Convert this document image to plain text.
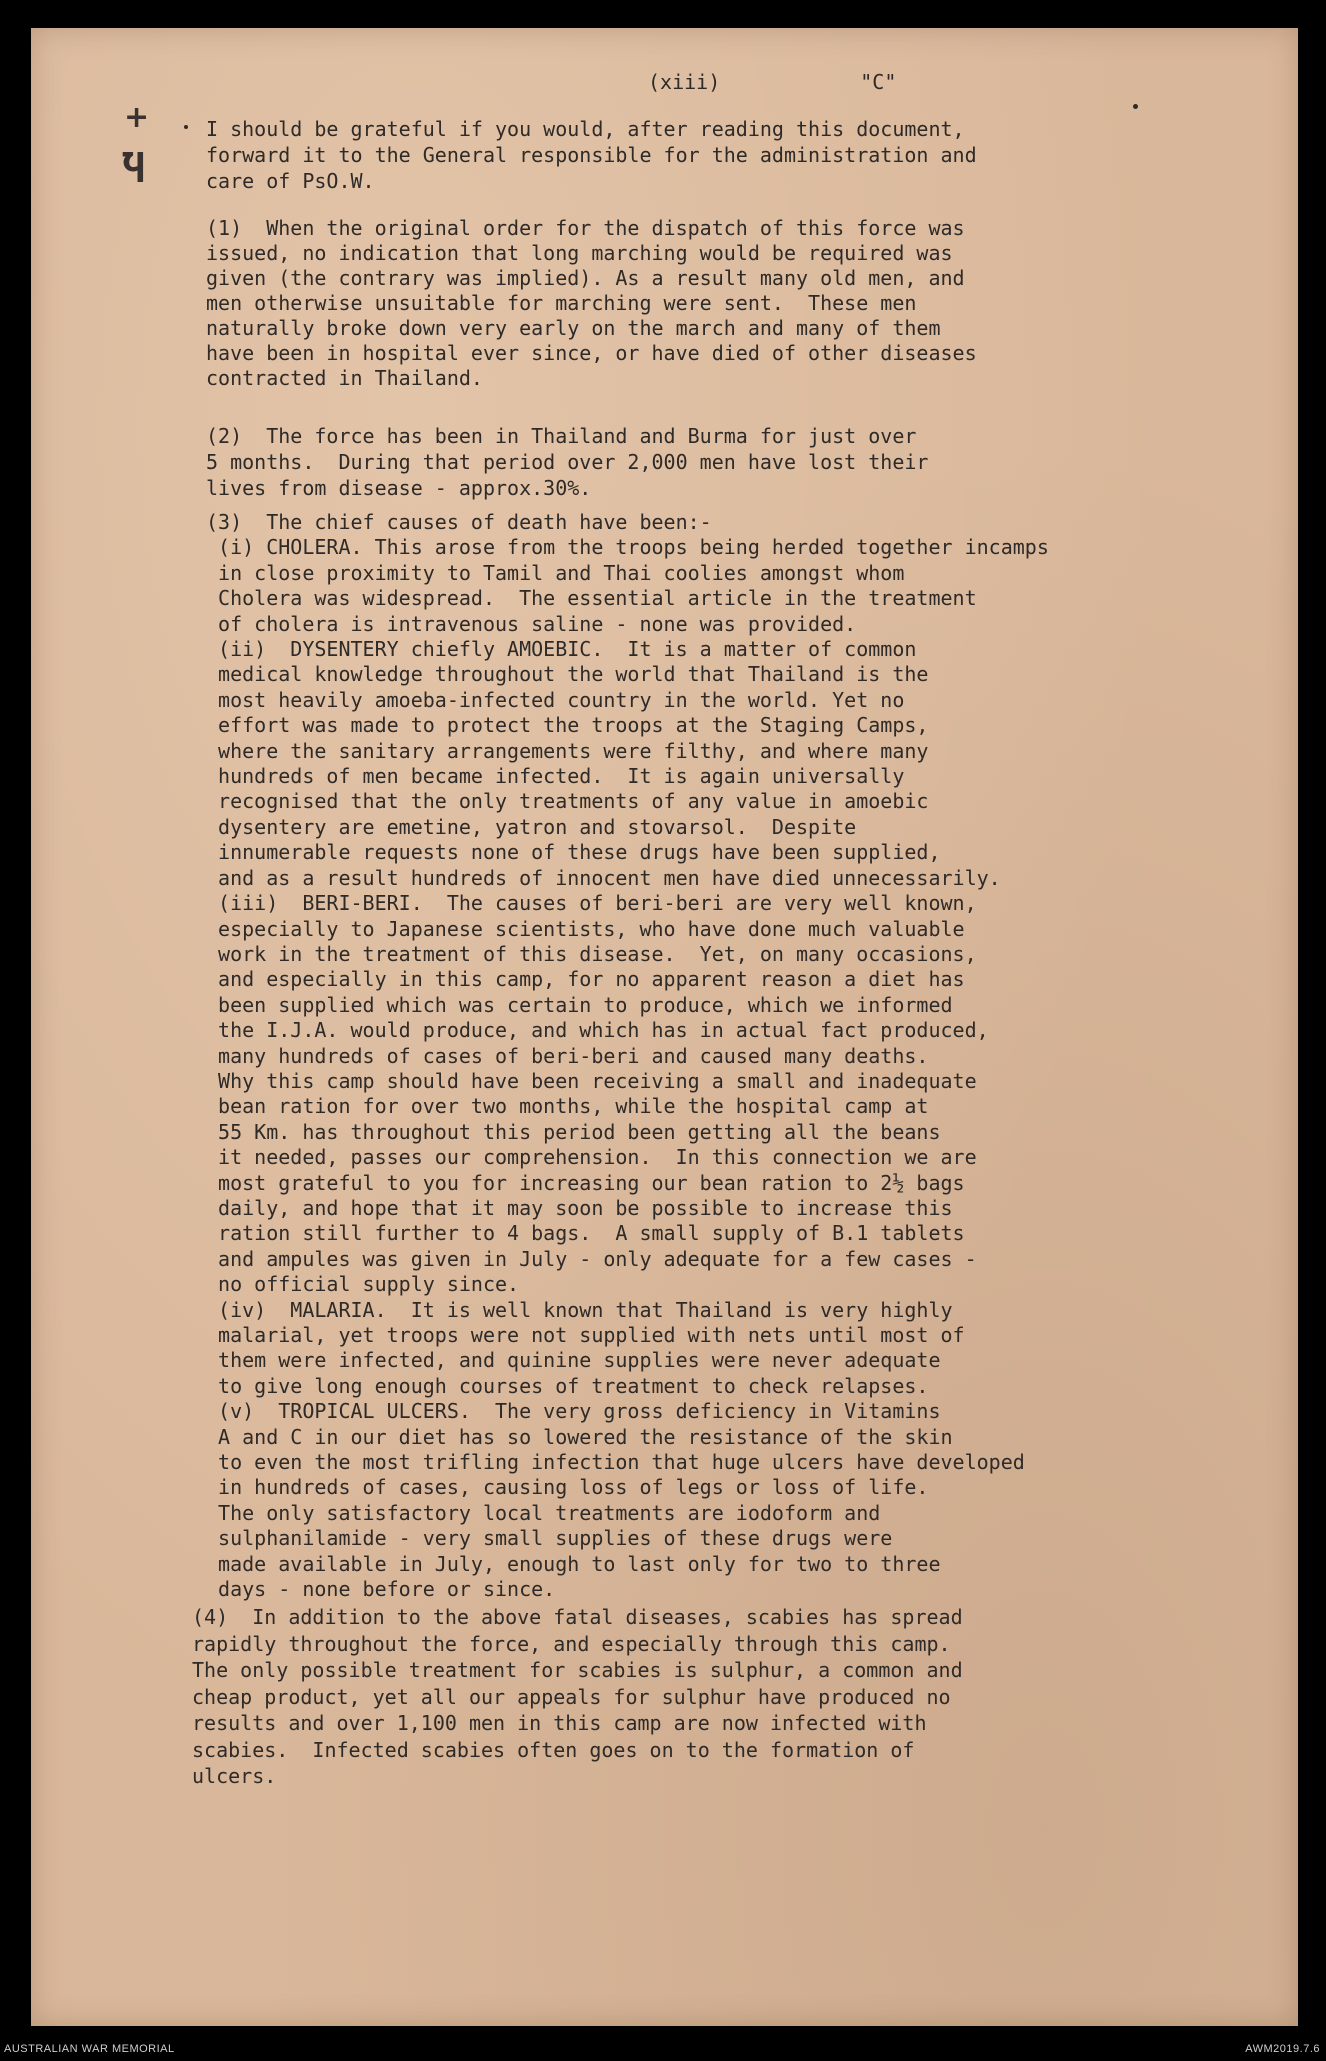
(xiii)	"C"
+
Ⴏ
I should be grateful if you would, after reading this document,
forward it to the General responsible for the administration and
care of PsO.W.
(1)  When the original order for the dispatch of this force was
issued, no indication that long marching would be required was
given (the contrary was implied). As a result many old men, and
men otherwise unsuitable for marching were sent.  These men
naturally broke down very early on the march and many of them
have been in hospital ever since, or have died of other diseases
contracted in Thailand.
(2)  The force has been in Thailand and Burma for just over
5 months.  During that period over 2,000 men have lost their
lives from disease - approx.30%.
(3)  The chief causes of death have been:-
(i) CHOLERA. This arose from the troops being herded together incamps
in close proximity to Tamil and Thai coolies amongst whom
Cholera was widespread.  The essential article in the treatment
of cholera is intravenous saline - none was provided.
(ii)  DYSENTERY chiefly AMOEBIC.  It is a matter of common
medical knowledge throughout the world that Thailand is the
most heavily amoeba-infected country in the world. Yet no
effort was made to protect the troops at the Staging Camps,
where the sanitary arrangements were filthy, and where many
hundreds of men became infected.  It is again universally
recognised that the only treatments of any value in amoebic
dysentery are emetine, yatron and stovarsol.  Despite
innumerable requests none of these drugs have been supplied,
and as a result hundreds of innocent men have died unnecessarily.
(iii)  BERI-BERI.  The causes of beri-beri are very well known,
especially to Japanese scientists, who have done much valuable
work in the treatment of this disease.  Yet, on many occasions,
and especially in this camp, for no apparent reason a diet has
been supplied which was certain to produce, which we informed
the I.J.A. would produce, and which has in actual fact produced,
many hundreds of cases of beri-beri and caused many deaths.
Why this camp should have been receiving a small and inadequate
bean ration for over two months, while the hospital camp at
55 Km. has throughout this period been getting all the beans
it needed, passes our comprehension.  In this connection we are
most grateful to you for increasing our bean ration to 2½ bags
daily, and hope that it may soon be possible to increase this
ration still further to 4 bags.  A small supply of B.1 tablets
and ampules was given in July - only adequate for a few cases -
no official supply since.
(iv)  MALARIA.  It is well known that Thailand is very highly
malarial, yet troops were not supplied with nets until most of
them were infected, and quinine supplies were never adequate
to give long enough courses of treatment to check relapses.
(v)  TROPICAL ULCERS.  The very gross deficiency in Vitamins
A and C in our diet has so lowered the resistance of the skin
to even the most trifling infection that huge ulcers have developed
in hundreds of cases, causing loss of legs or loss of life.
The only satisfactory local treatments are iodoform and
sulphanilamide - very small supplies of these drugs were
made available in July, enough to last only for two to three
days - none before or since.
(4)  In addition to the above fatal diseases, scabies has spread
rapidly throughout the force, and especially through this camp.
The only possible treatment for scabies is sulphur, a common and
cheap product, yet all our appeals for sulphur have produced no
results and over 1,100 men in this camp are now infected with
scabies.  Infected scabies often goes on to the formation of
ulcers.
AUSTRALIAN WAR MEMORIAL	AWM2019.7.6
